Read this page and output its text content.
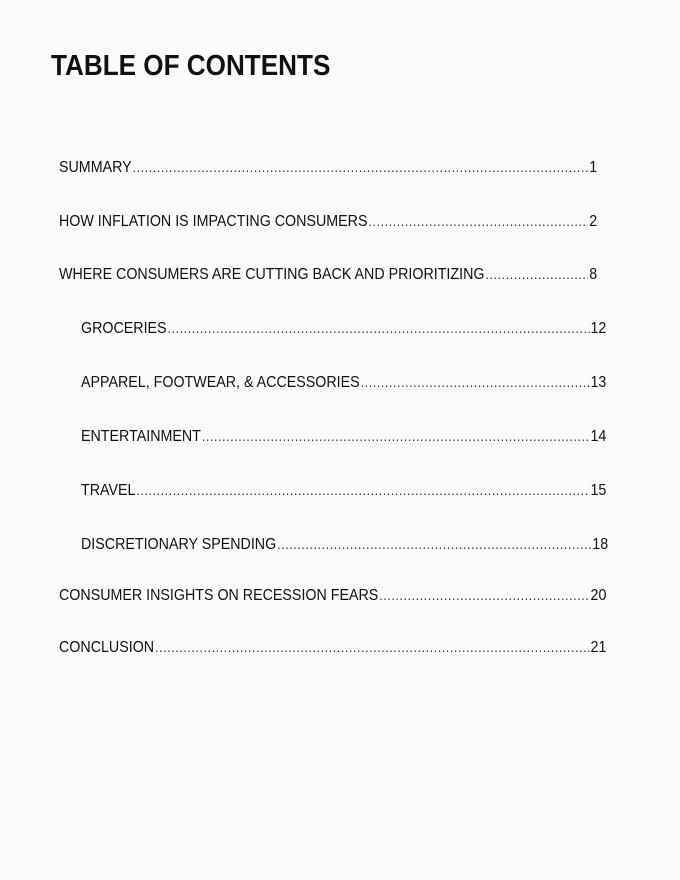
TABLE OF CONTENTS
SUMMARY .....	1
HOW INFLATION IS IMPACTING CONSUMERS .....	2
WHERE CONSUMERS ARE CUTTING BACK AND PRIORITIZING .....	8
GROCERIES .....	12
APPAREL, FOOTWEAR, & ACCESSORIES .....	13
ENTERTAINMENT .....	14
TRAVEL .....	15
DISCRETIONARY SPENDING .....	18
CONSUMER INSIGHTS ON RECESSION FEARS .....	20
CONCLUSION .....	21
